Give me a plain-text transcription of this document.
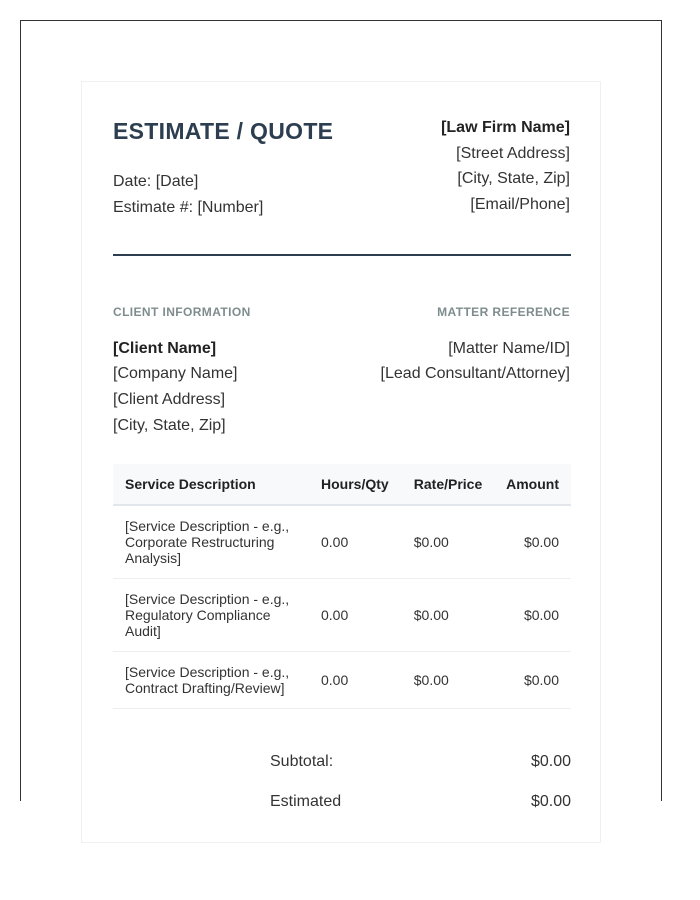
ESTIMATE / QUOTE
Date: [Date]
Estimate #: [Number]
[Law Firm Name]
[Street Address]
[City, State, Zip]
[Email/Phone]
CLIENT INFORMATION
[Client Name]
[Company Name]
[Client Address]
[City, State, Zip]
MATTER REFERENCE
[Matter Name/ID]
[Lead Consultant/Attorney]
Service Description	Hours/Qty	Rate/Price	Amount
[Service Description - e.g., Corporate Restructuring Analysis]	0.00	$0.00	$0.00
[Service Description - e.g., Regulatory Compliance Audit]	0.00	$0.00	$0.00
[Service Description - e.g., Contract Drafting/Review]	0.00	$0.00	$0.00
Subtotal:	$0.00
Estimated	$0.00
